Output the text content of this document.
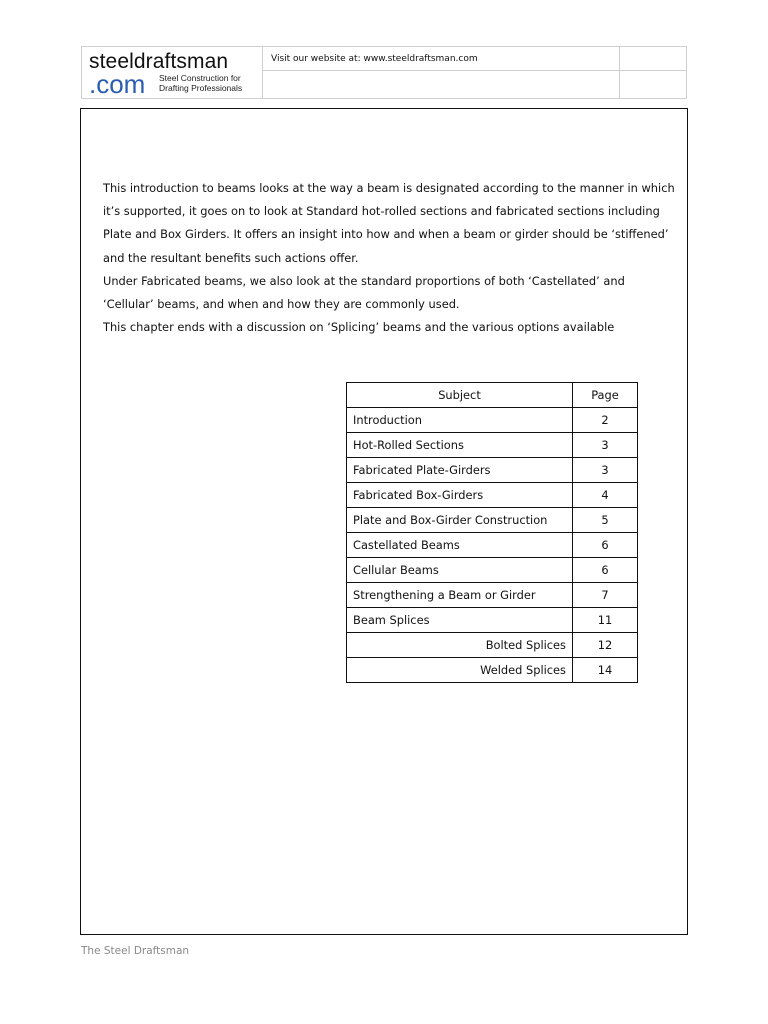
steeldraftsman
.com Steel Construction for
Drafting Professionals
Visit our website at: www.steeldraftsman.com
This introduction to beams looks at the way a beam is designated according to the manner in which
it’s supported, it goes on to look at Standard hot-rolled sections and fabricated sections including
Plate and Box Girders. It offers an insight into how and when a beam or girder should be ‘stiffened’
and the resultant benefits such actions offer.
Under Fabricated beams, we also look at the standard proportions of both ‘Castellated’ and
‘Cellular’ beams, and when and how they are commonly used.
This chapter ends with a discussion on ‘Splicing’ beams and the various options available
Subject	Page
Introduction	2
Hot-Rolled Sections	3
Fabricated Plate-Girders	3
Fabricated Box-Girders	4
Plate and Box-Girder Construction	5
Castellated Beams	6
Cellular Beams	6
Strengthening a Beam or Girder	7
Beam Splices	11
Bolted Splices	12
Welded Splices	14
The Steel Draftsman
